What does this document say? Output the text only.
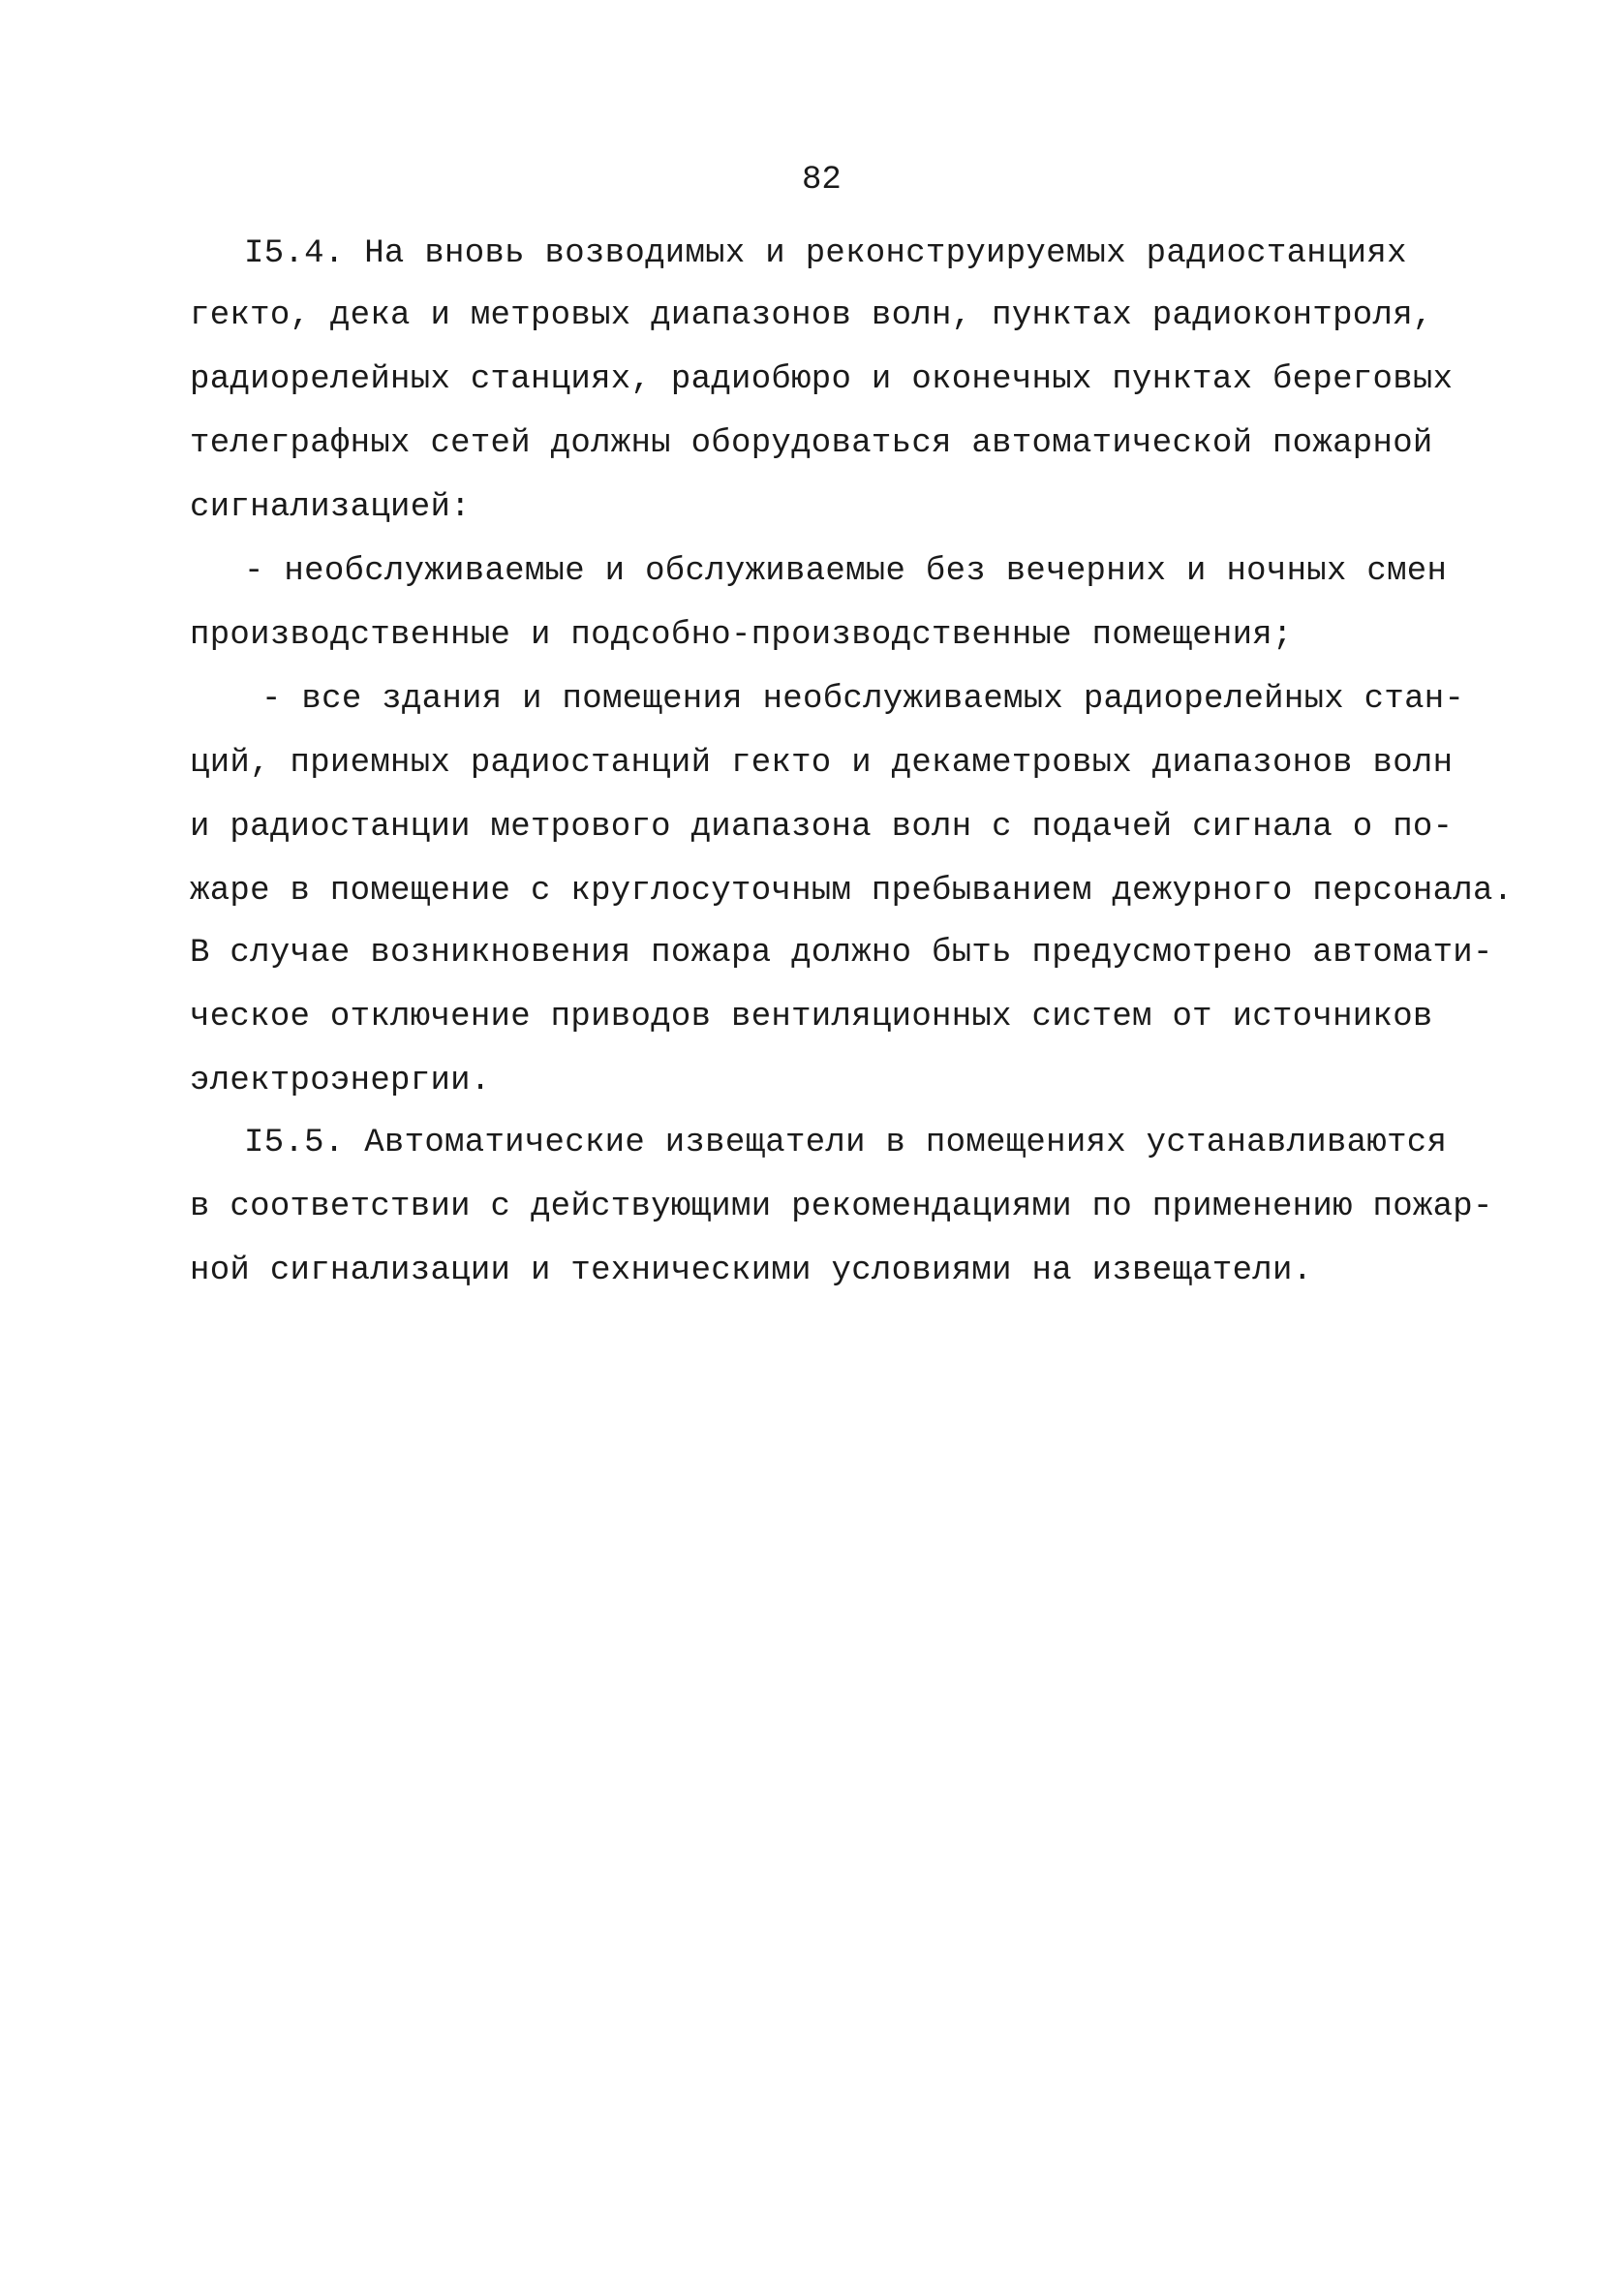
82
I5.4. На вновь возводимых и реконструируемых радиостанциях
гекто, дека и метровых диапазонов волн, пунктах радиоконтроля,
радиорелейных станциях, радиобюро и оконечных пунктах береговых
телеграфных сетей должны оборудоваться автоматической пожарной
сигнализацией:
- необслуживаемые и обслуживаемые без вечерних и ночных смен
производственные и подсобно-производственные помещения;
- все здания и помещения необслуживаемых радиорелейных стан-
ций, приемных радиостанций гекто и декаметровых диапазонов волн
и радиостанции метрового диапазона волн с подачей сигнала о по-
жаре в помещение с круглосуточным пребыванием дежурного персонала.
В случае возникновения пожара должно быть предусмотрено автомати-
ческое отключение приводов вентиляционных систем от источников
электроэнергии.
I5.5. Автоматические извещатели в помещениях устанавливаются
в соответствии с действующими рекомендациями по применению пожар-
ной сигнализации и техническими условиями на извещатели.
